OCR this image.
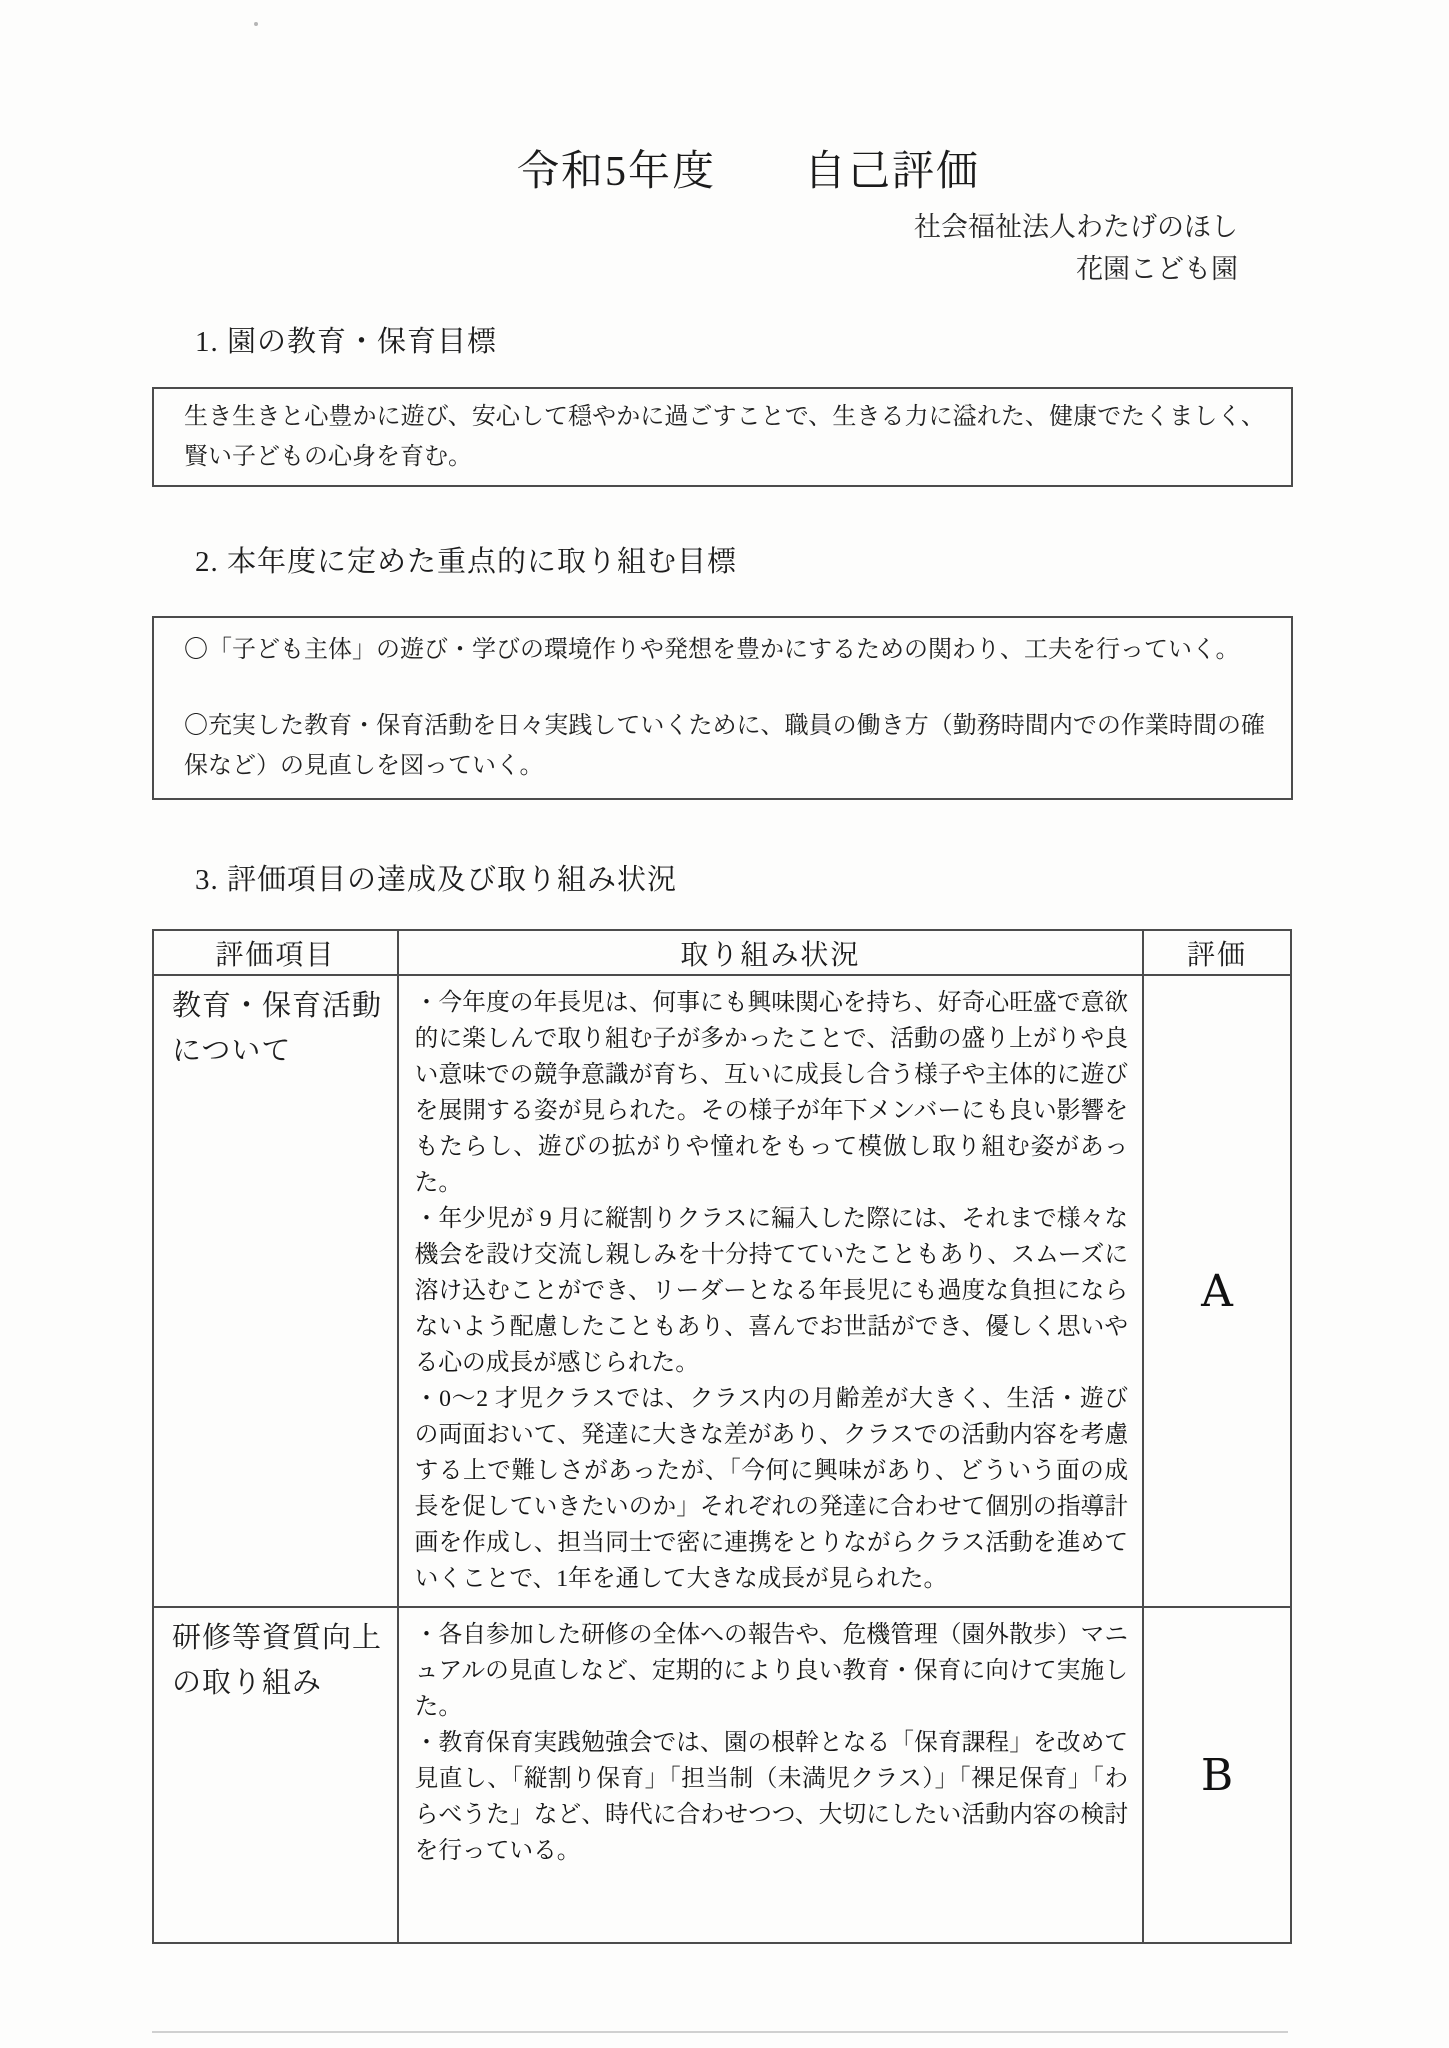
令和5年度　　自己評価
社会福祉法人わたげのほし
花園こども園
1. 園の教育・保育目標

生き生きと心豊かに遊び、安心して穏やかに過ごすことで、生きる力に溢れた、健康でたくましく、賢い子どもの心身を育む。

2. 本年度に定めた重点的に取り組む目標

〇「子ども主体」の遊び・学びの環境作りや発想を豊かにするための関わり、工夫を行っていく。

〇充実した教育・保育活動を日々実践していくために、職員の働き方（勤務時間内での作業時間の確保など）の見直しを図っていく。

3. 評価項目の達成及び取り組み状況
評価項目	取り組み状況	評価
教育・保育活動について	・今年度の年長児は、何事にも興味関心を持ち、好奇心旺盛で意欲的に楽しんで取り組む子が多かったことで、活動の盛り上がりや良い意味での競争意識が育ち、互いに成長し合う様子や主体的に遊びを展開する姿が見られた。その様子が年下メンバーにも良い影響をもたらし、遊びの拡がりや憧れをもって模倣し取り組む姿があった。

・年少児が 9 月に縦割りクラスに編入した際には、それまで様々な機会を設け交流し親しみを十分持てていたこともあり、スムーズに溶け込むことができ、リーダーとなる年長児にも過度な負担にならないよう配慮したこともあり、喜んでお世話ができ、優しく思いやる心の成長が感じられた。

・0〜2 才児クラスでは、クラス内の月齢差が大きく、生活・遊びの両面おいて、発達に大きな差があり、クラスでの活動内容を考慮する上で難しさがあったが、「今何に興味があり、どういう面の成長を促していきたいのか」それぞれの発達に合わせて個別の指導計画を作成し、担当同士で密に連携をとりながらクラス活動を進めていくことで、1年を通して大きな成長が見られた。	A
研修等資質向上の取り組み	・各自参加した研修の全体への報告や、危機管理（園外散歩）マニュアルの見直しなど、定期的により良い教育・保育に向けて実施した。

・教育保育実践勉強会では、園の根幹となる「保育課程」を改めて見直し、「縦割り保育」「担当制（未満児クラス）」「裸足保育」「わらべうた」など、時代に合わせつつ、大切にしたい活動内容の検討を行っている。	B
